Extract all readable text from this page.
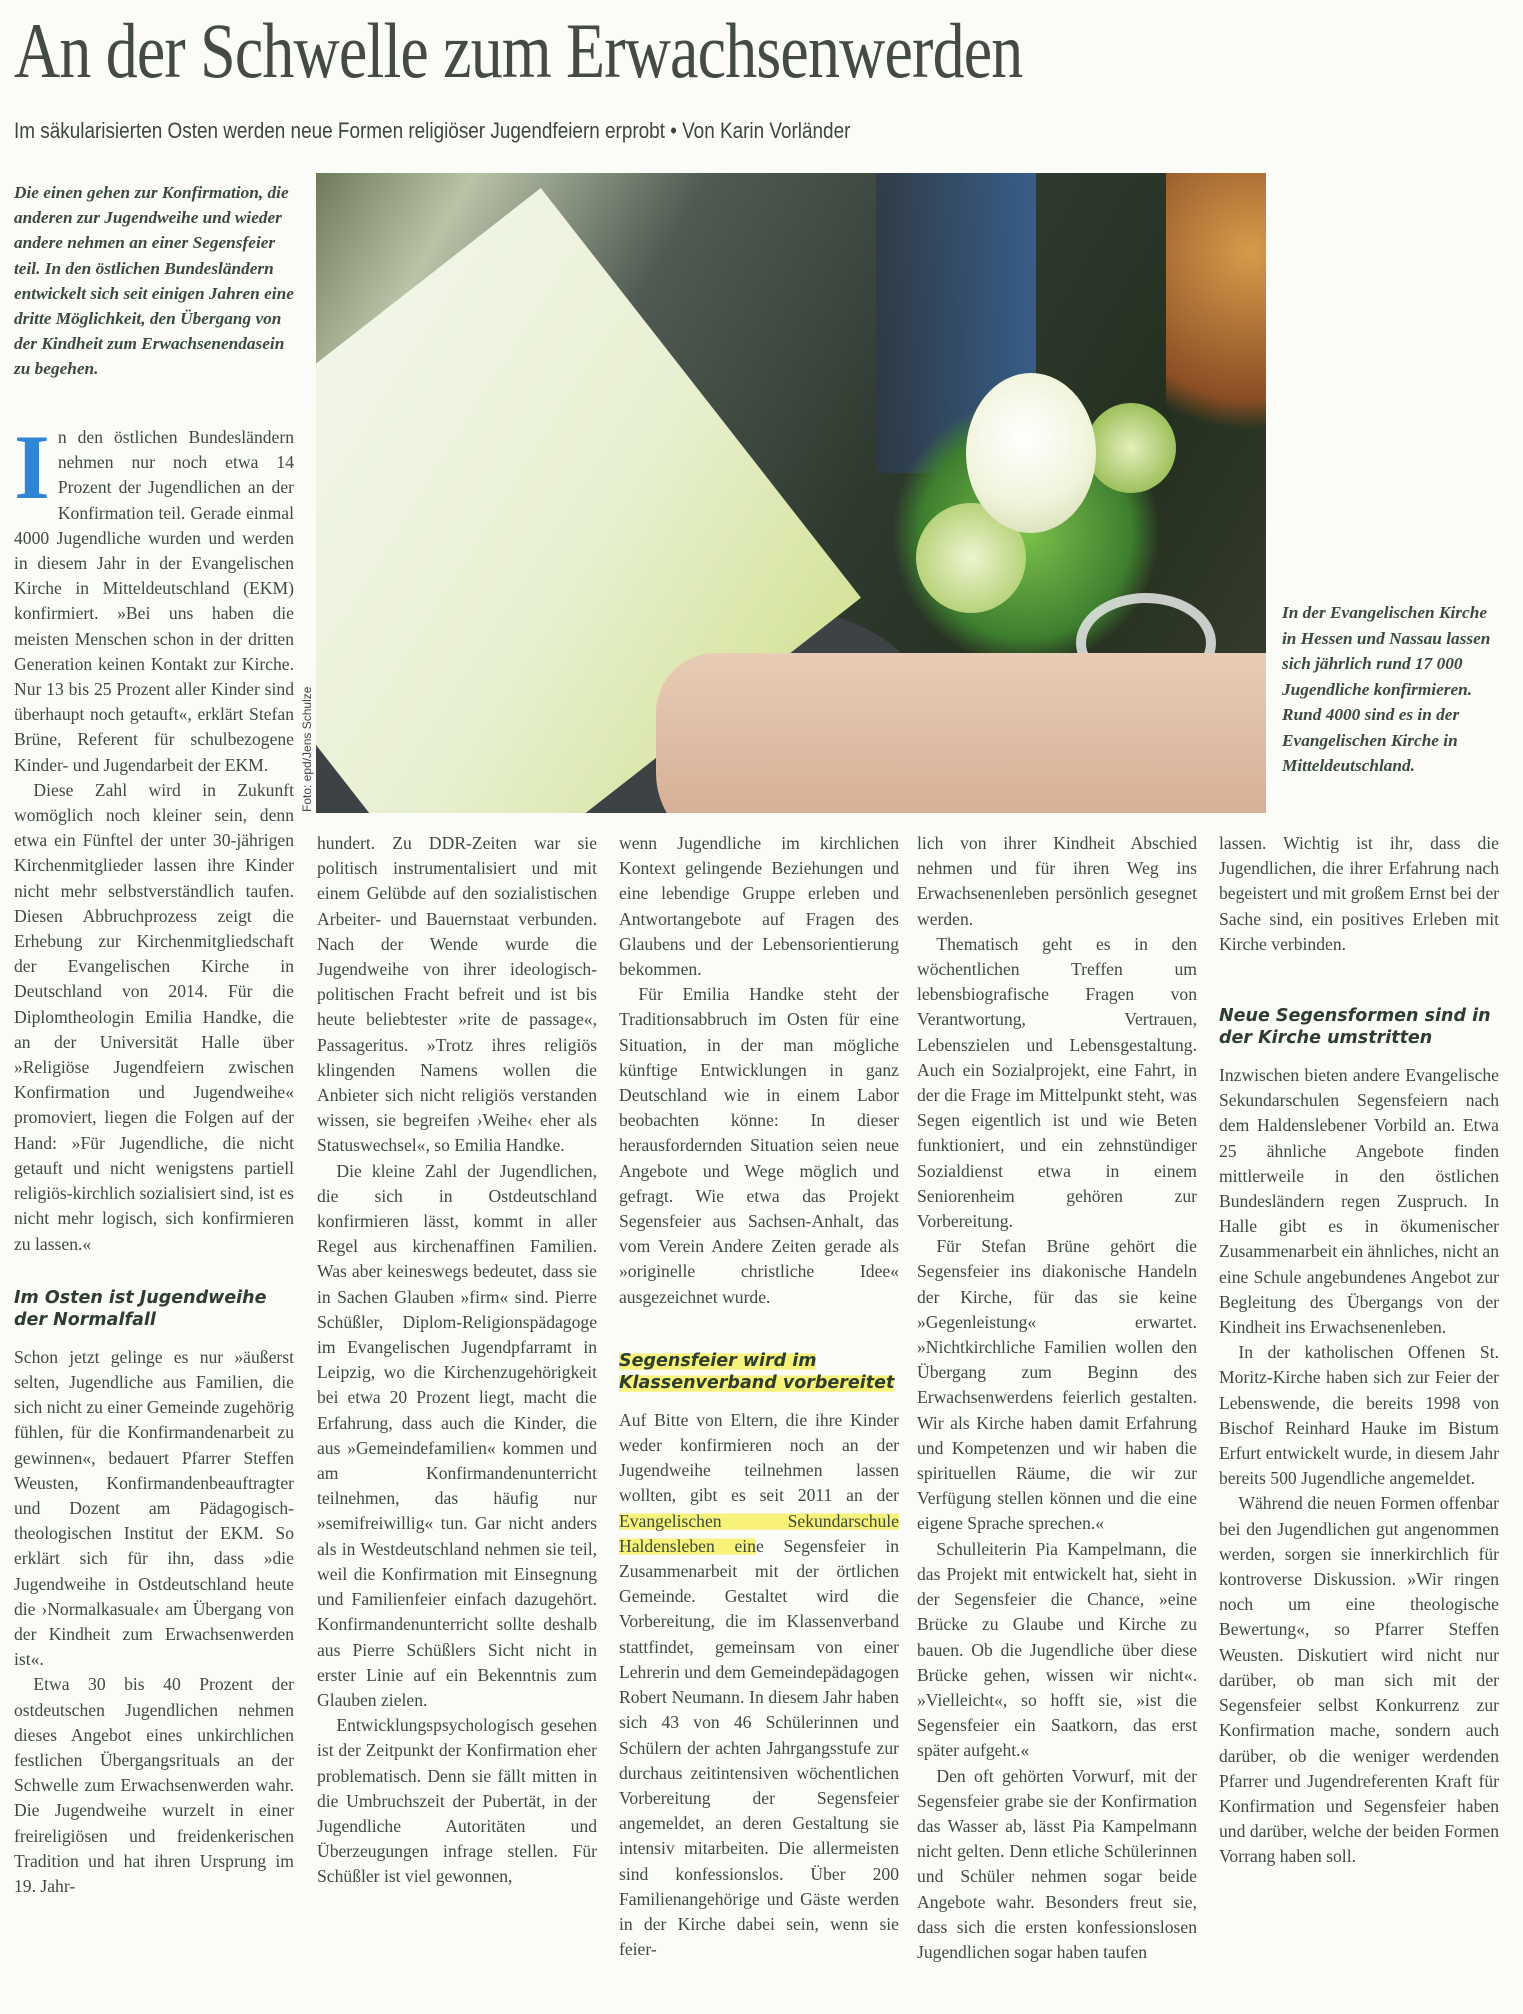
An der Schwelle zum Erwachsenwerden
Im säkularisierten Osten werden neue Formen religiöser Jugendfeiern erprobt • Von Karin Vorländer

Die einen gehen zur Konfirmation, die anderen zur Jugendweihe und wieder andere nehmen an einer Segensfeier teil. In den östlichen Bundesländern entwickelt sich seit einigen Jahren eine dritte Möglichkeit, den Übergang von der Kindheit zum Erwachsenendasein zu begehen.

Foto: epd/Jens Schulze

In der Evangelischen Kirche in Hessen und Nassau lassen sich jährlich rund 17 000 Jugendliche konfirmieren. Rund 4000 sind es in der Evangelischen Kirche in Mitteldeutschland.

In den östlichen Bundesländern nehmen nur noch etwa 14 Prozent der Jugendlichen an der Konfirmation teil. Gerade einmal 4000 Jugendliche wurden und werden in diesem Jahr in der Evangelischen Kirche in Mitteldeutschland (EKM) konfirmiert. »Bei uns haben die meisten Menschen schon in der dritten Generation keinen Kontakt zur Kirche. Nur 13 bis 25 Prozent aller Kinder sind überhaupt noch getauft«, erklärt Stefan Brüne, Referent für schulbezogene Kinder- und Jugendarbeit der EKM.

Diese Zahl wird in Zukunft womöglich noch kleiner sein, denn etwa ein Fünftel der unter 30-jährigen Kirchenmitglieder lassen ihre Kinder nicht mehr selbstverständlich taufen. Diesen Abbruchprozess zeigt die Erhebung zur Kirchenmitgliedschaft der Evangelischen Kirche in Deutschland von 2014. Für die Diplomtheologin Emilia Handke, die an der Universität Halle über »Religiöse Jugendfeiern zwischen Konfirmation und Jugendweihe« promoviert, liegen die Folgen auf der Hand: »Für Jugendliche, die nicht getauft und nicht wenigstens partiell religiös-kirchlich sozialisiert sind, ist es nicht mehr logisch, sich konfirmieren zu lassen.«

Im Osten ist Jugendweihe der Normalfall

Schon jetzt gelinge es nur »äußerst selten, Jugendliche aus Familien, die sich nicht zu einer Gemeinde zugehörig fühlen, für die Konfirmandenarbeit zu gewinnen«, bedauert Pfarrer Steffen Weusten, Konfirmandenbeauftragter und Dozent am Pädagogisch-theologischen Institut der EKM. So erklärt sich für ihn, dass »die Jugendweihe in Ostdeutschland heute die ›Normalkasuale‹ am Übergang von der Kindheit zum Erwachsenwerden ist«.

Etwa 30 bis 40 Prozent der ostdeutschen Jugendlichen nehmen dieses Angebot eines unkirchlichen festlichen Übergangsrituals an der Schwelle zum Erwachsenwerden wahr. Die Jugendweihe wurzelt in einer freireligiösen und freidenkerischen Tradition und hat ihren Ursprung im 19. Jahr-

hundert. Zu DDR-Zeiten war sie politisch instrumentalisiert und mit einem Gelübde auf den sozialistischen Arbeiter- und Bauernstaat verbunden. Nach der Wende wurde die Jugendweihe von ihrer ideologisch-politischen Fracht befreit und ist bis heute beliebtester »rite de passage«, Passageritus. »Trotz ihres religiös klingenden Namens wollen die Anbieter sich nicht religiös verstanden wissen, sie begreifen ›Weihe‹ eher als Statuswechsel«, so Emilia Handke.

Die kleine Zahl der Jugendlichen, die sich in Ostdeutschland konfirmieren lässt, kommt in aller Regel aus kirchenaffinen Familien. Was aber keineswegs bedeutet, dass sie in Sachen Glauben »firm« sind. Pierre Schüßler, Diplom-Religionspädagoge im Evangelischen Jugendpfarramt in Leipzig, wo die Kirchenzugehörigkeit bei etwa 20 Prozent liegt, macht die Erfahrung, dass auch die Kinder, die aus »Gemeindefamilien« kommen und am Konfirmandenunterricht teilnehmen, das häufig nur »semifreiwillig« tun. Gar nicht anders als in Westdeutschland nehmen sie teil, weil die Konfirmation mit Einsegnung und Familienfeier einfach dazugehört. Konfirmandenunterricht sollte deshalb aus Pierre Schüßlers Sicht nicht in erster Linie auf ein Bekenntnis zum Glauben zielen.

Entwicklungspsychologisch gesehen ist der Zeitpunkt der Konfirmation eher problematisch. Denn sie fällt mitten in die Umbruchszeit der Pubertät, in der Jugendliche Autoritäten und Überzeugungen infrage stellen. Für Schüßler ist viel gewonnen,

wenn Jugendliche im kirchlichen Kontext gelingende Beziehungen und eine lebendige Gruppe erleben und Antwortangebote auf Fragen des Glaubens und der Lebensorientierung bekommen.

Für Emilia Handke steht der Traditionsabbruch im Osten für eine Situation, in der man mögliche künftige Entwicklungen in ganz Deutschland wie in einem Labor beobachten könne: In dieser herausfordernden Situation seien neue Angebote und Wege möglich und gefragt. Wie etwa das Projekt Segensfeier aus Sachsen-Anhalt, das vom Verein Andere Zeiten gerade als »originelle christliche Idee« ausgezeichnet wurde.

Segensfeier wird im Klassenverband vorbereitet

Auf Bitte von Eltern, die ihre Kinder weder konfirmieren noch an der Jugendweihe teilnehmen lassen wollten, gibt es seit 2011 an der Evangelischen Sekundarschule Haldensleben eine Segensfeier in Zusammenarbeit mit der örtlichen Gemeinde. Gestaltet wird die Vorbereitung, die im Klassenverband stattfindet, gemeinsam von einer Lehrerin und dem Gemeindepädagogen Robert Neumann. In diesem Jahr haben sich 43 von 46 Schülerinnen und Schülern der achten Jahrgangsstufe zur durchaus zeitintensiven wöchentlichen Vorbereitung der Segensfeier angemeldet, an deren Gestaltung sie intensiv mitarbeiten. Die allermeisten sind konfessionslos. Über 200 Familienangehörige und Gäste werden in der Kirche dabei sein, wenn sie feier-

lich von ihrer Kindheit Abschied nehmen und für ihren Weg ins Erwachsenenleben persönlich gesegnet werden.

Thematisch geht es in den wöchentlichen Treffen um lebensbiografische Fragen von Verantwortung, Vertrauen, Lebenszielen und Lebensgestaltung. Auch ein Sozialprojekt, eine Fahrt, in der die Frage im Mittelpunkt steht, was Segen eigentlich ist und wie Beten funktioniert, und ein zehnstündiger Sozialdienst etwa in einem Seniorenheim gehören zur Vorbereitung.

Für Stefan Brüne gehört die Segensfeier ins diakonische Handeln der Kirche, für das sie keine »Gegenleistung« erwartet. »Nichtkirchliche Familien wollen den Übergang zum Beginn des Erwachsenwerdens feierlich gestalten. Wir als Kirche haben damit Erfahrung und Kompetenzen und wir haben die spirituellen Räume, die wir zur Verfügung stellen können und die eine eigene Sprache sprechen.«

Schulleiterin Pia Kampelmann, die das Projekt mit entwickelt hat, sieht in der Segensfeier die Chance, »eine Brücke zu Glaube und Kirche zu bauen. Ob die Jugendliche über diese Brücke gehen, wissen wir nicht«. »Vielleicht«, so hofft sie, »ist die Segensfeier ein Saatkorn, das erst später aufgeht.«

Den oft gehörten Vorwurf, mit der Segensfeier grabe sie der Konfirmation das Wasser ab, lässt Pia Kampelmann nicht gelten. Denn etliche Schülerinnen und Schüler nehmen sogar beide Angebote wahr. Besonders freut sie, dass sich die ersten konfessionslosen Jugendlichen sogar haben taufen

lassen. Wichtig ist ihr, dass die Jugendlichen, die ihrer Erfahrung nach begeistert und mit großem Ernst bei der Sache sind, ein positives Erleben mit Kirche verbinden.

Neue Segensformen sind in der Kirche umstritten

Inzwischen bieten andere Evangelische Sekundarschulen Segensfeiern nach dem Haldenslebener Vorbild an. Etwa 25 ähnliche Angebote finden mittlerweile in den östlichen Bundesländern regen Zuspruch. In Halle gibt es in ökumenischer Zusammenarbeit ein ähnliches, nicht an eine Schule angebundenes Angebot zur Begleitung des Übergangs von der Kindheit ins Erwachsenenleben.

In der katholischen Offenen St. Moritz-Kirche haben sich zur Feier der Lebenswende, die bereits 1998 von Bischof Reinhard Hauke im Bistum Erfurt entwickelt wurde, in diesem Jahr bereits 500 Jugendliche angemeldet.

Während die neuen Formen offenbar bei den Jugendlichen gut angenommen werden, sorgen sie innerkirchlich für kontroverse Diskussion. »Wir ringen noch um eine theologische Bewertung«, so Pfarrer Steffen Weusten. Diskutiert wird nicht nur darüber, ob man sich mit der Segensfeier selbst Konkurrenz zur Konfirmation mache, sondern auch darüber, ob die weniger werdenden Pfarrer und Jugendreferenten Kraft für Konfirmation und Segensfeier haben und darüber, welche der beiden Formen Vorrang haben soll.
